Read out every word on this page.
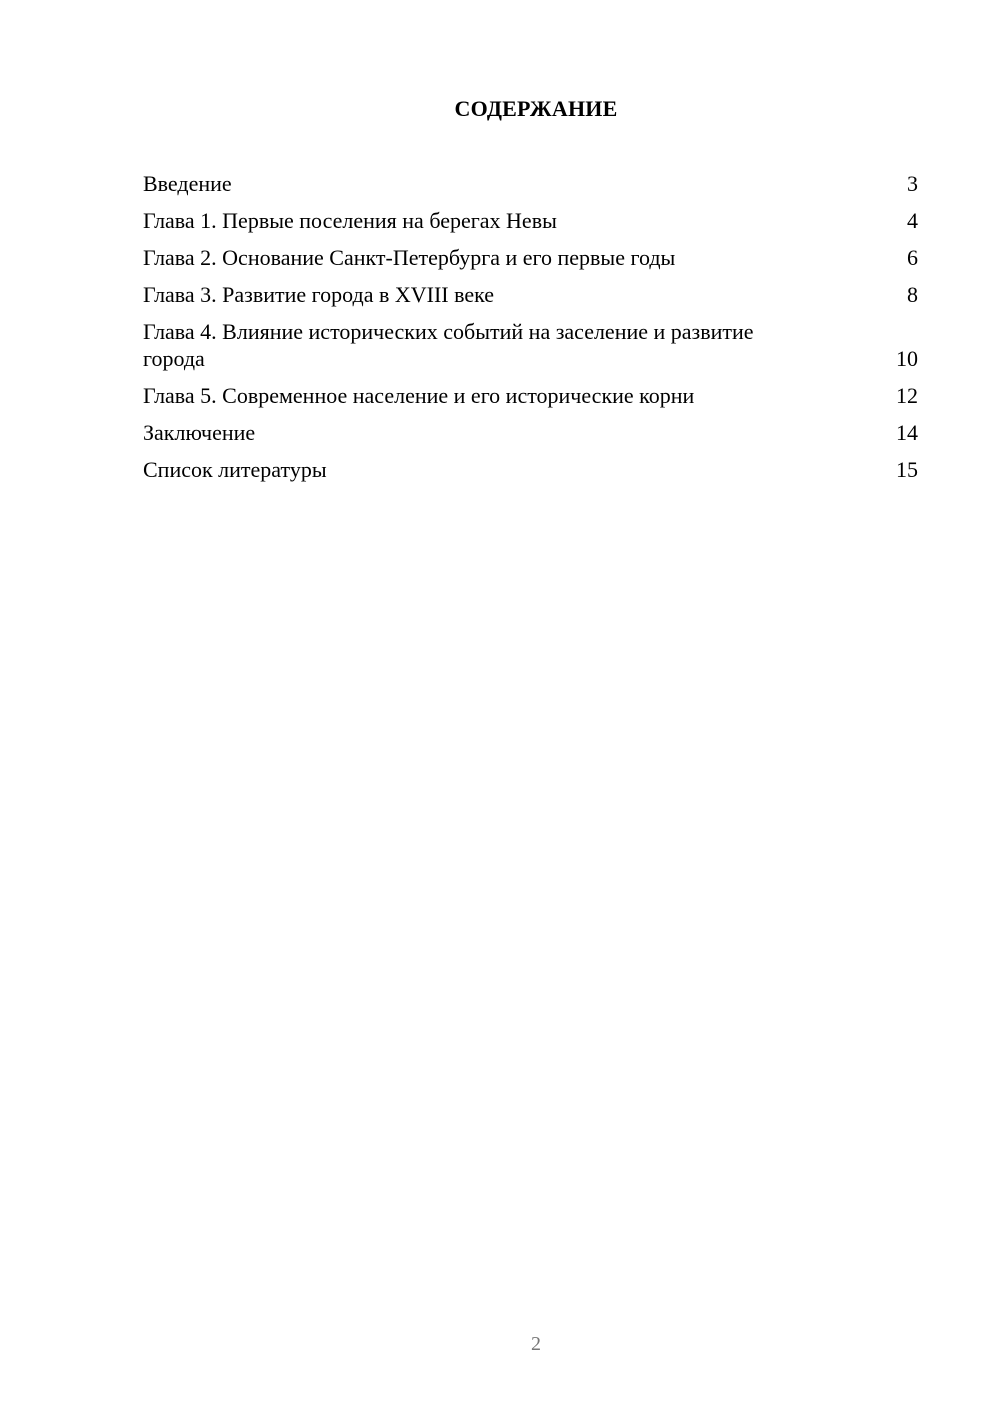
СОДЕРЖАНИЕ
Введение	3
Глава 1. Первые поселения на берегах Невы	4
Глава 2. Основание Санкт-Петербурга и его первые годы	6
Глава 3. Развитие города в XVIII веке	8
Глава 4. Влияние исторических событий на заселение и развитие города	10
Глава 5. Современное население и его исторические корни	12
Заключение	14
Список литературы	15
2
